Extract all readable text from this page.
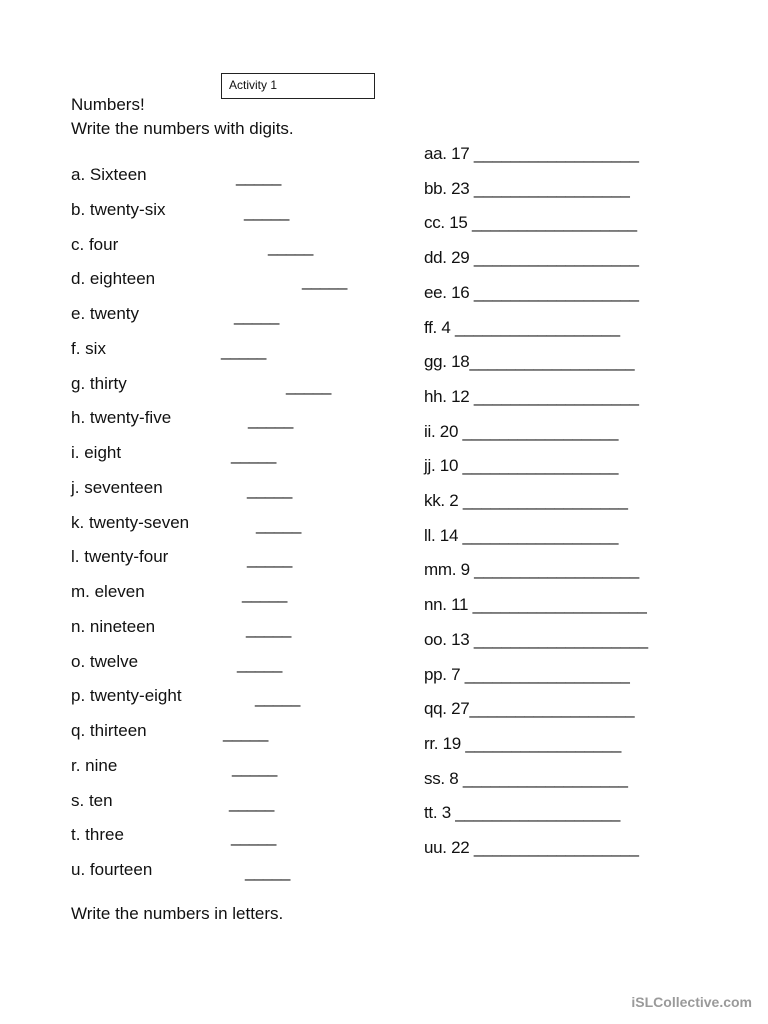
Activity 1
Numbers!
Write the numbers with digits.
a. Sixteen	_____
b. twenty-six	_____
c. four	_____
d. eighteen	_____
e. twenty	_____
f. six	_____
g. thirty	_____
h. twenty-five	_____
i. eight	_____
j. seventeen	_____
k. twenty-seven	_____
l. twenty-four	_____
m. eleven	_____
n. nineteen	_____
o. twelve	_____
p. twenty-eight	_____
q. thirteen	_____
r. nine	_____
s. ten	_____
t. three	_____
u. fourteen	_____
aa. 17 __________________
bb. 23 _________________
cc. 15 __________________
dd. 29 __________________
ee. 16 __________________
ff. 4 __________________
gg. 18__________________
hh. 12 __________________
ii. 20 _________________
jj. 10 _________________
kk. 2 __________________
ll. 14 _________________
mm. 9 __________________
nn. 11 ___________________
oo. 13 ___________________
pp. 7 __________________
qq. 27__________________
rr. 19 _________________
ss. 8 __________________
tt. 3 __________________
uu. 22 __________________
Write the numbers in letters.
iSLCollective.com
